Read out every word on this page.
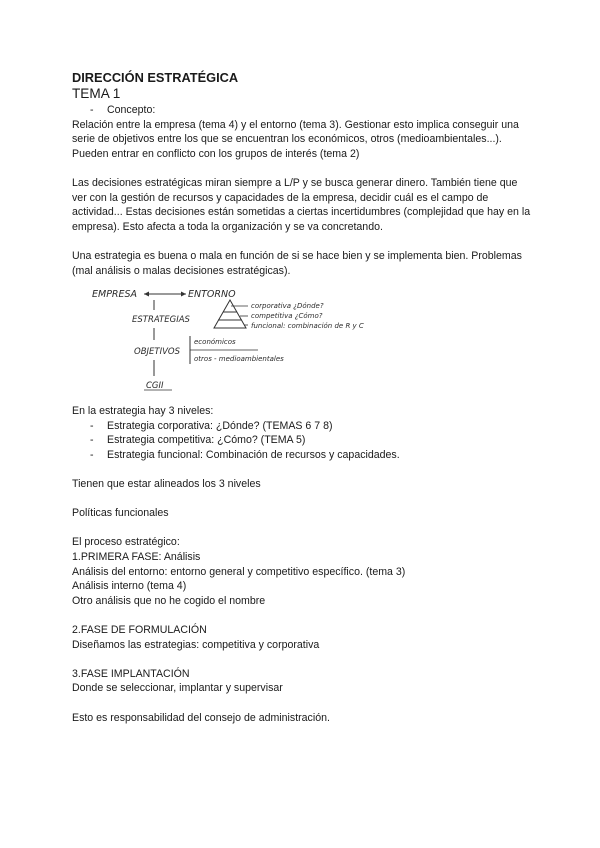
DIRECCIÓN ESTRATÉGICA
TEMA 1
- Concepto:

Relación entre la empresa (tema 4) y el entorno (tema 3). Gestionar esto implica conseguir una serie de objetivos entre los que se encuentran los económicos, otros (medioambientales...). Pueden entrar en conflicto con los grupos de interés (tema 2)

Las decisiones estratégicas miran siempre a L/P y se busca generar dinero. También tiene que ver con la gestión de recursos y capacidades de la empresa, decidir cuál es el campo de actividad... Estas decisiones están sometidas a ciertas incertidumbres (complejidad que hay en la empresa). Esto afecta a toda la organización y se va concretando.

Una estrategia es buena o mala en función de si se hace bien y se implementa bien. Problemas (mal análisis o malas decisiones estratégicas).

EMPRESA	ENTORNO
ESTRATEGIAS
corporativa ¿Dónde?
competitiva ¿Cómo?
funcional: combinación de R y C
OBJETIVOS
económicos
otros - medioambientales
CGII

En la estrategia hay 3 niveles:

- Estrategia corporativa: ¿Dónde? (TEMAS 6 7 8)
- Estrategia competitiva: ¿Cómo? (TEMA 5)
- Estrategia funcional: Combinación de recursos y capacidades.

Tienen que estar alineados los 3 niveles

Políticas funcionales

El proceso estratégico:

1.PRIMERA FASE: Análisis

Análisis del entorno: entorno general y competitivo específico. (tema 3)

Análisis interno (tema 4)

Otro análisis que no he cogido el nombre

2.FASE DE FORMULACIÓN

Diseñamos las estrategias: competitiva y corporativa

3.FASE IMPLANTACIÓN

Donde se seleccionar, implantar y supervisar

Esto es responsabilidad del consejo de administración.
